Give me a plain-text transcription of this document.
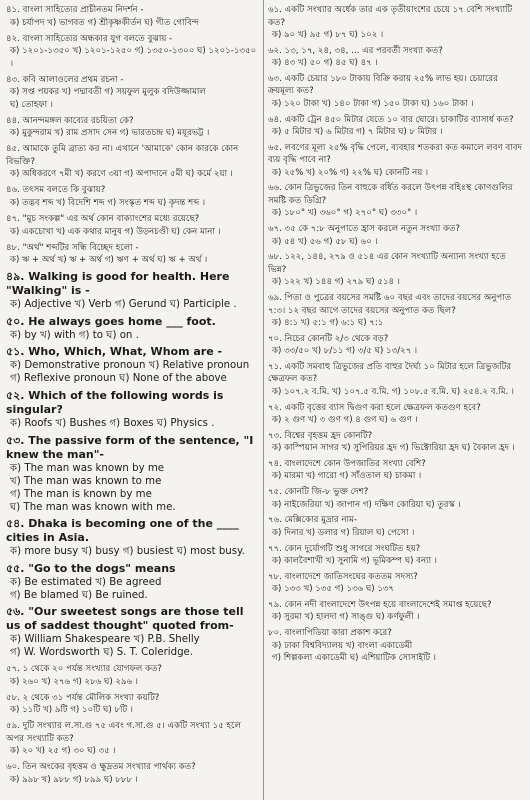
৪১. বাংলা সাহিত্যের প্রাচীনতম নিদর্শন -
ক) চর্যাপদ খ) ভাগবত গ) শ্রীকৃষ্ণকীর্তন ঘ) গীত গোবিন্দ
৪২. বাংলা সাহিত্যের অন্ধকার যুগ বলতে বুঝায় -
ক) ১২০১-১৩৫০ খ) ১২০১-১২৫০ গ) ১৩৫০-১৩০০ ঘ) ১২০১-১৩৫০ ।
৪৩. কবি আলাওলের প্রথম রচনা -
ক) সপ্ত পয়কর খ) পদ্মাবতী গ) সয়ফুল মুলুক বদিউজ্জামাল
ঘ) তোহফা ।
৪৪. আনন্দমঙ্গল কাব্যের রচয়িতা কে?
ক) মুকুন্দরাম খ) রাম প্রসাদ সেন গ) ভারতচন্দ্র ঘ) মযূরভট্ট ।
৪৫. আমাকে তুমি ব্রাত্য কর না। এখানে 'আমাকে' কোন কারকে কোন বিভক্তি?
ক) অধিকরণে ৭মী খ) করণে ৩য়া গ) অপাদানে ৫মী ঘ) কর্মে ২য়া ।
৪৬. তৎসম বলতে কি বুঝায়?
ক) তদ্ভব শব্দ খ) বিদেশি শব্দ গ) সংস্কৃত শব্দ ঘ) কৃদন্ত শব্দ ।
৪৭. "মুচ সংকল্প" এর অর্থ কোন বাক্যাংশের মধ্যে রয়েছে?
ক) একচোখা খ) এক কথার মানুষ গ) উড়নচণ্ডী ঘ) কেন মানা ।
৪৮. "অর্থ" শব্দটির সন্ধি বিচ্ছেদ হলো -
ক) ঋ + অর্থ খ) ঋ + অর্থ গ) ঋণ + অর্থ ঘ) ঋ + অর্থ ।
৪৯. Walking is good for health. Here "Walking" is -
ক) Adjective খ) Verb গ) Gerund ঘ) Participle .
৫০. He always goes home ___ foot.
ক) by খ) with গ) to ঘ) on .
৫১. Who, Which, What, Whom are -
ক) Demonstrative pronoun খ) Relative pronoun
গ) Reflexive pronoun ঘ) None of the above
৫২. Which of the following words is singular?
ক) Roofs খ) Bushes গ) Boxes ঘ) Physics .
৫৩. The passive form of the sentence, "I knew the man"-
ক) The man was known by me
খ) The man was known to me
গ) The man is known by me
ঘ) The man was known with me.
৫৪. Dhaka is becoming one of the ____ cities in Asia.
ক) more busy খ) busy গ) busiest ঘ) most busy.
৫৫. "Go to the dogs" means
ক) Be estimated খ) Be agreed
গ) Be blamed ঘ) Be ruined.
৫৬. "Our sweetest songs are those tell us of saddest thought" quoted from-
ক) William Shakespeare খ) P.B. Shelly
গ) W. Wordsworth ঘ) S. T. Coleridge.
৫৭. ১ থেকে ২০ পর্যন্ত সংখ্যার যোগফল কত?
ক) ২৬০ খ) ২৭৬ গ) ২৮৬ ঘ) ২৯৬ ।
৫৮. ২ থেকে ৩১ পর্যন্ত মৌলিক সংখ্যা কয়টি?
ক) ১১টি খ) ৯টি গ) ১০টি ঘ) ৮টি ।
৫৯. দুটি সংখ্যার ল.সা.গু ৭৫ এবং গ.সা.গু ৫। একটি সংখ্যা ১৫ হলে অপর সংখ্যাটি কত?
ক) ২০ খ) ২৫ গ) ৩০ ঘ) ৩৫ ।
৬০. তিন অংকের বৃহত্তম ও ক্ষুদ্রতম সংখ্যার পার্থক্য কত?
ক) ৯৯৮ খ) ৯৮৮ গ) ৮৯৯ ঘ) ৮৮৮ ।
৬১. একটি সংখ্যার অর্ধেক তার এক তৃতীয়াংশের চেয়ে ১৭ বেশি সংখ্যাটি কত?
ক) ৯০ খ) ৯৫ গ) ৮৭ ঘ) ১০২ ।
৬২. ১৩, ১৭, ২৪, ৩৪, ... এর পরবর্তী সংখ্যা কত?
ক) ৪৩ খ) ৫০ গ) ৪৫ ঘ) ৪৭ ।
৬৩. একটি চেয়ার ১৮০ টাকায় বিক্রি করায় ২৫% লাভ হয়। চেয়ারের ক্রয়মূল্য কত?
ক) ১২০ টাকা খ) ১৪০ টাকা গ) ১৫০ টাকা ঘ) ১৬০ টাকা ।
৬৪. একটি ট্রেন ৪৫০ মিটার যেতে ১০ বার ঘোরে। চাকাটির ব্যাসার্ধ কত?
ক) ৫ মিটার খ) ৬ মিটার গ) ৭ মিটার ঘ) ৮ মিটার ।
৬৫. লবণের মূল্য ২৫% বৃদ্ধি পেলে, ব্যবহার শতকরা কত কমালে লবণ বাবদ ব্যয় বৃদ্ধি পাবে না?
ক) ২৫% খ) ২০% গ) ২২% ঘ) কোনটি নয় ।
৬৬. কোন ত্রিভুজের তিন বাহুকে বর্ধিত করলে উৎপন্ন বহিঃস্থ কোণগুলির সমষ্টি কত ডিগ্রি?
ক) ১৮০° খ) ৩৬০° গ) ২৭০° ঘ) ৩৩০° ।
৬৭. ৩৫ কে ৭:৮ অনুপাতে হ্রাস করলে নতুন সংখ্যা কত?
ক) ৫৪ খ) ৫৬ গ) ৫৮ ঘ) ৬০ ।
৬৮. ১২২, ১৪৪, ২৭৯ ও ৫১৪ এর কোন সংখ্যাটি অন্যান্য সংখ্যা হতে ভিন্ন?
ক) ১২২ খ) ১৪৪ গ) ২৭৯ ঘ) ৫১৪ ।
৬৯. পিতা ও পুত্রের বয়সের সমষ্টি ৬০ বছর এবং তাদের বয়সের অনুপাত ৭:৩। ১২ বছর আগে তাদের বয়সের অনুপাত কত ছিল?
ক) ৪:১ খ) ৫:১ গ) ৬:১ ঘ) ৭:১
৭০. নিচের কোনটি ২/৩ থেকে বড়?
ক) ৩৩/৫০ খ) ৮/১১ গ) ৩/৫ ঘ) ১৩/২৭ ।
৭১. একটি সমবাহু ত্রিভুজের প্রতি বাহুর দৈর্ঘ্য ১০ মিটার হলে ত্রিভুজটির ক্ষেত্রফল কত?
ক) ১০৭.২ ব.মি. খ) ১০৭.৫ ব.মি. গ) ১০৮.৫ ব.মি. ঘ) ২৫৪.২ ব.মি. ।
৭২. একটি বৃত্তের ব্যাস দ্বিগুণ করা হলে ক্ষেত্রফল কতগুণ হবে?
ক) ২ গুণ খ) ৩ গুণ গ) ৪ গুণ ঘ) ৬ গুণ ।
৭৩. বিশ্বের বৃহত্তম হ্রদ কোনটি?
ক) কাস্পিয়ান সাগর খ) সুপিরিয়র হ্রদ গ) ভিক্টোরিয়া হ্রদ ঘ) বৈকাল হ্রদ ।
৭৪. বাংলাদেশে কোন উপজাতির সংখ্যা বেশি?
ক) মারমা খ) গারো গ) সাঁওতাল ঘ) চাকমা ।
৭৫. কোনটি জি-৮ ভুক্ত দেশ?
ক) নাইজেরিয়া খ) জাপান গ) দক্ষিণ কোরিয়া ঘ) তুরস্ক ।
৭৬. মেক্সিকোর মুদ্রার নাম-
ক) দিনার খ) ডলার গ) রিয়াল ঘ) পেসো ।
৭৭. কোন দুর্যোগটি শুধু সাগরে সংঘটিত হয়?
ক) কালবৈশাখী খ) সুনামি গ) ভূমিকম্প ঘ) বন্যা ।
৭৮. বাংলাদেশে জাতিসংঘের কততম সদস্য?
ক) ১৩৩ খ) ১৩৫ গ) ১৩৬ ঘ) ১৩৭
৭৯. কোন নদী বাংলাদেশে উৎপন্ন হয়ে বাংলাদেশেই সমাপ্ত হয়েছে?
ক) সুরমা খ) হালদা গ) সাঙ্গু ঘ) কর্ণফুলী ।
৮০. বাংলাপিডিয়া কারা প্রকাশ করে?
ক) ঢাকা বিশ্ববিদ্যালয় খ) বাংলা একাডেমী
গ) শিল্পকলা একাডেমী ঘ) এশিয়াটিক সোসাইটি ।
